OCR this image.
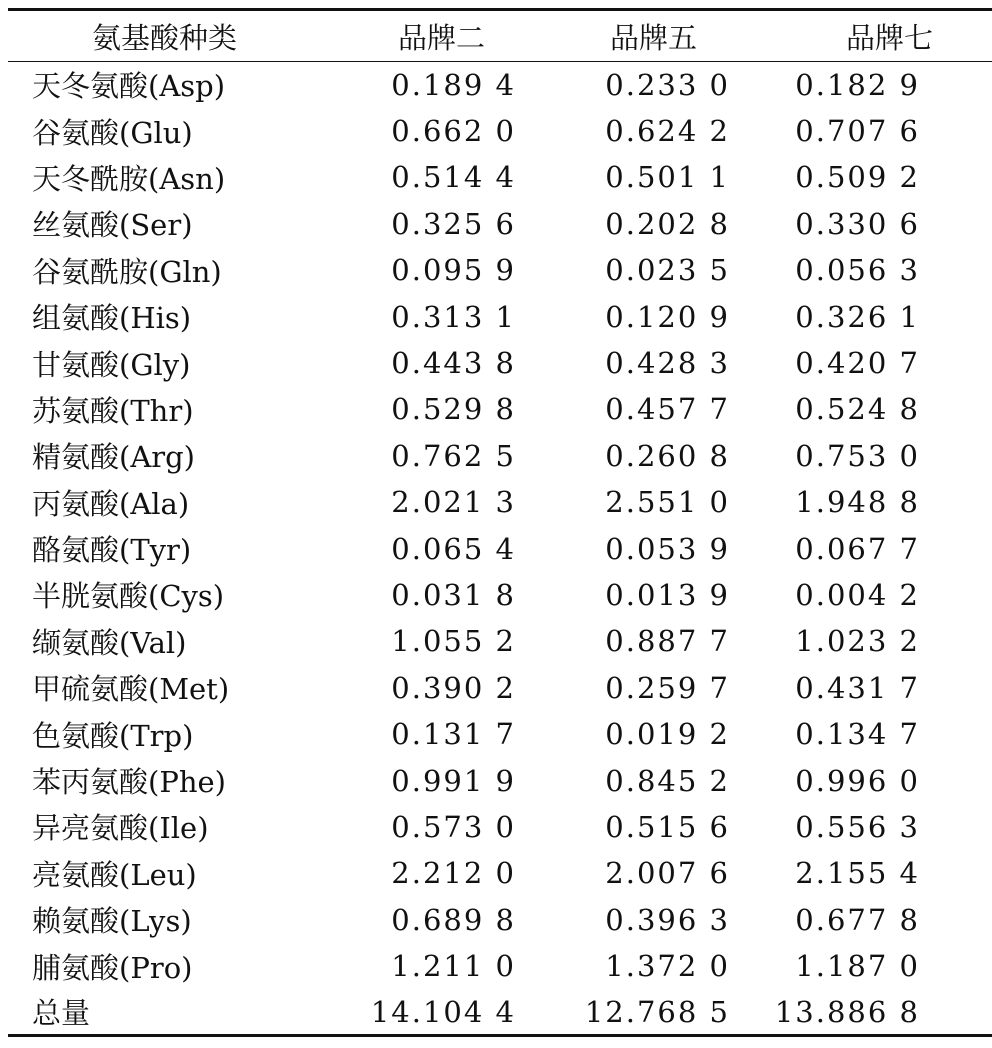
氨基酸种类	品牌二	品牌五	品牌七
天冬氨酸(Asp)	0.189 4	0.233 0	0.182 9
谷氨酸(Glu)	0.662 0	0.624 2	0.707 6
天冬酰胺(Asn)	0.514 4	0.501 1	0.509 2
丝氨酸(Ser)	0.325 6	0.202 8	0.330 6
谷氨酰胺(Gln)	0.095 9	0.023 5	0.056 3
组氨酸(His)	0.313 1	0.120 9	0.326 1
甘氨酸(Gly)	0.443 8	0.428 3	0.420 7
苏氨酸(Thr)	0.529 8	0.457 7	0.524 8
精氨酸(Arg)	0.762 5	0.260 8	0.753 0
丙氨酸(Ala)	2.021 3	2.551 0	1.948 8
酪氨酸(Tyr)	0.065 4	0.053 9	0.067 7
半胱氨酸(Cys)	0.031 8	0.013 9	0.004 2
缬氨酸(Val)	1.055 2	0.887 7	1.023 2
甲硫氨酸(Met)	0.390 2	0.259 7	0.431 7
色氨酸(Trp)	0.131 7	0.019 2	0.134 7
苯丙氨酸(Phe)	0.991 9	0.845 2	0.996 0
异亮氨酸(Ile)	0.573 0	0.515 6	0.556 3
亮氨酸(Leu)	2.212 0	2.007 6	2.155 4
赖氨酸(Lys)	0.689 8	0.396 3	0.677 8
脯氨酸(Pro)	1.211 0	1.372 0	1.187 0
总量	14.104 4	12.768 5	13.886 8
